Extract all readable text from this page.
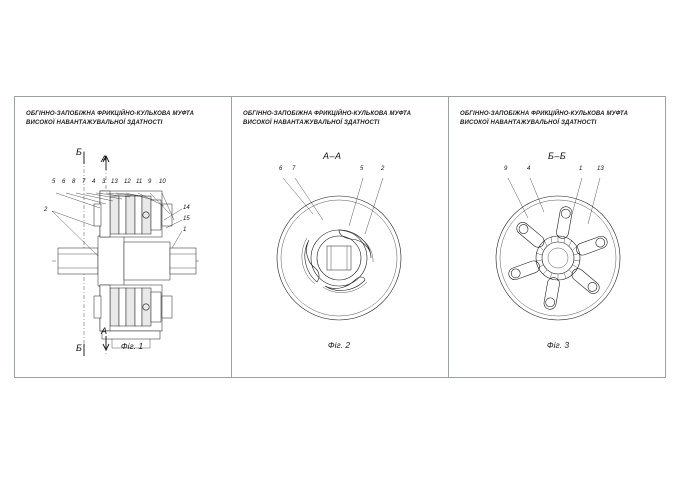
ОБГІННО-ЗАПОБІЖНА ФРИКЦІЙНО-КУЛЬКОВА МУФТА
ВИСОКОЇ НАВАНТАЖУВАЛЬНОЇ ЗДАТНОСТІ
Б
А
А
Б
5 6 8 7 4 3 13 12 11 9 10
14
15
1
2
Фіг. 1
ОБГІННО-ЗАПОБІЖНА ФРИКЦІЙНО-КУЛЬКОВА МУФТА
ВИСОКОЇ НАВАНТАЖУВАЛЬНОЇ ЗДАТНОСТІ
А–А
6 7	5	2
Фіг. 2
ОБГІННО-ЗАПОБІЖНА ФРИКЦІЙНО-КУЛЬКОВА МУФТА
ВИСОКОЇ НАВАНТАЖУВАЛЬНОЇ ЗДАТНОСТІ
Б–Б
9	4	1 13
Фіг. 3
